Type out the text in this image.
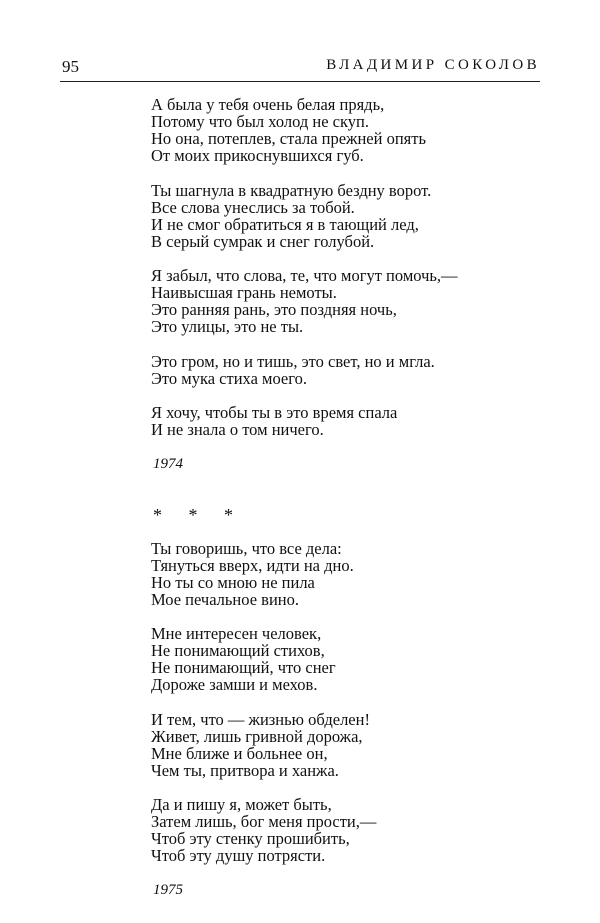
95	ВЛАДИМИР СОКОЛОВ
А была у тебя очень белая прядь,
Потому что был холод не скуп.
Но она, потеплев, стала прежней опять
От моих прикоснувшихся губ.
Ты шагнула в квадратную бездну ворот.
Все слова унеслись за тобой.
И не смог обратиться я в тающий лед,
В серый сумрак и снег голубой.
Я забыл, что слова, те, что могут помочь,—
Наивысшая грань немоты.
Это ранняя рань, это поздняя ночь,
Это улицы, это не ты.
Это гром, но и тишь, это свет, но и мгла.
Это мука стиха моего.
Я хочу, чтобы ты в это время спала
И не знала о том ничего.
1974
* * *
Ты говоришь, что все дела:
Тянуться вверх, идти на дно.
Но ты со мною не пила
Мое печальное вино.
Мне интересен человек,
Не понимающий стихов,
Не понимающий, что снег
Дороже замши и мехов.
И тем, что — жизнью обделен!
Живет, лишь гривной дорожа,
Мне ближе и больнее он,
Чем ты, притвора и ханжа.
Да и пишу я, может быть,
Затем лишь, бог меня прости,—
Чтоб эту стенку прошибить,
Чтоб эту душу потрясти.
1975
